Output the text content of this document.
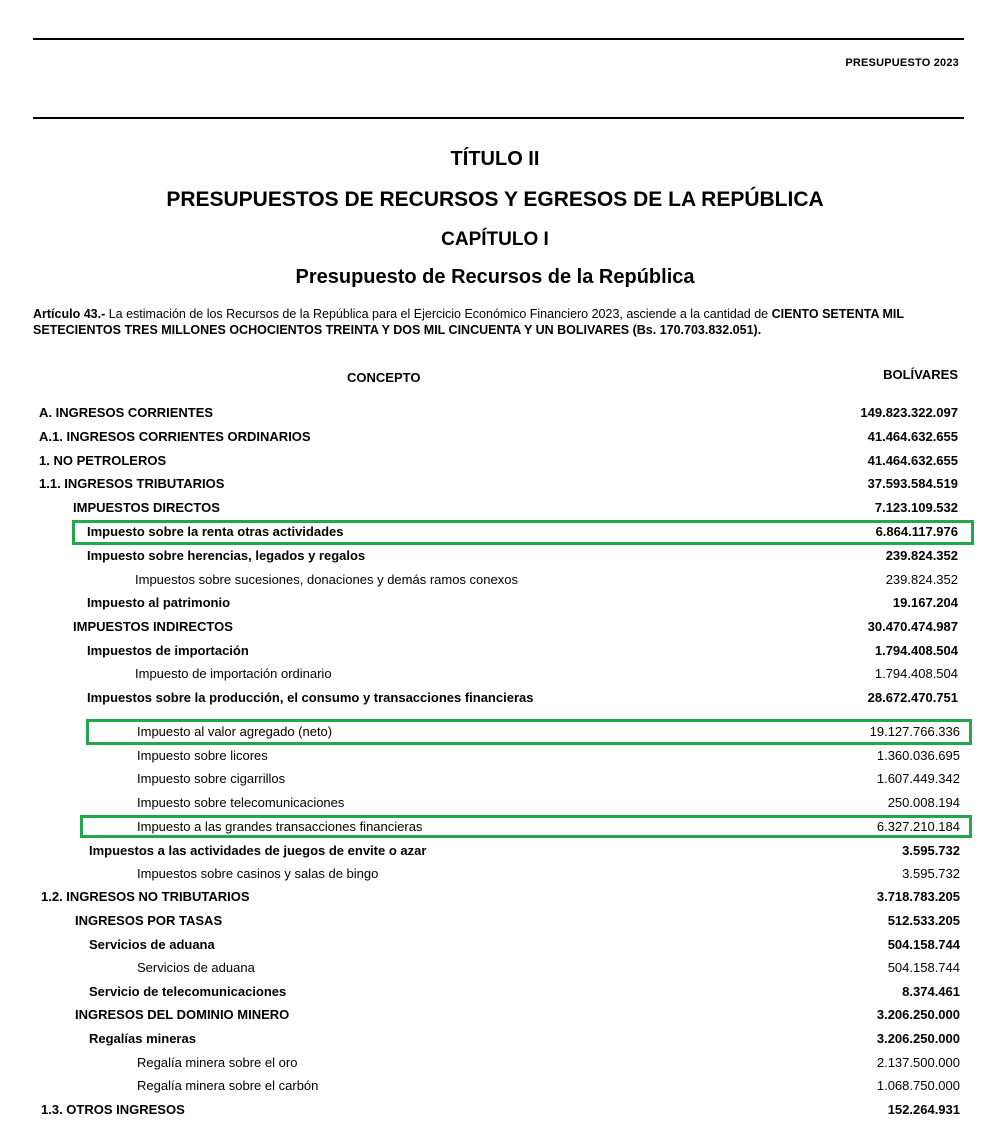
PRESUPUESTO 2023
TÍTULO II
PRESUPUESTOS DE RECURSOS Y EGRESOS DE LA REPÚBLICA
CAPÍTULO I
Presupuesto de Recursos de la República
Artículo 43.- La estimación de los Recursos de la República para el Ejercicio Económico Financiero 2023, asciende a la cantidad de CIENTO SETENTA MIL SETECIENTOS TRES MILLONES OCHOCIENTOS TREINTA Y DOS MIL CINCUENTA Y UN BOLIVARES (Bs. 170.703.832.051).
CONCEPTO	BOLÍVARES
A. INGRESOS CORRIENTES	149.823.322.097
A.1. INGRESOS CORRIENTES ORDINARIOS	41.464.632.655
1. NO PETROLEROS	41.464.632.655
1.1. INGRESOS TRIBUTARIOS	37.593.584.519
IMPUESTOS DIRECTOS	7.123.109.532
Impuesto sobre la renta otras actividades	6.864.117.976
Impuesto sobre herencias, legados y regalos	239.824.352
Impuestos sobre sucesiones, donaciones y demás ramos conexos	239.824.352
Impuesto al patrimonio	19.167.204
IMPUESTOS INDIRECTOS	30.470.474.987
Impuestos de importación	1.794.408.504
Impuesto de importación ordinario	1.794.408.504
Impuestos sobre la producción, el consumo y transacciones financieras	28.672.470.751
Impuesto al valor agregado (neto)	19.127.766.336
Impuesto sobre licores	1.360.036.695
Impuesto sobre cigarrillos	1.607.449.342
Impuesto sobre telecomunicaciones	250.008.194
Impuesto a las grandes transacciones financieras	6.327.210.184
Impuestos a las actividades de juegos de envite o azar	3.595.732
Impuestos sobre casinos y salas de bingo	3.595.732
1.2. INGRESOS NO TRIBUTARIOS	3.718.783.205
INGRESOS POR TASAS	512.533.205
Servicios de aduana	504.158.744
Servicios de aduana	504.158.744
Servicio de telecomunicaciones	8.374.461
INGRESOS DEL DOMINIO MINERO	3.206.250.000
Regalías mineras	3.206.250.000
Regalía minera sobre el oro	2.137.500.000
Regalía minera sobre el carbón	1.068.750.000
1.3. OTROS INGRESOS	152.264.931
